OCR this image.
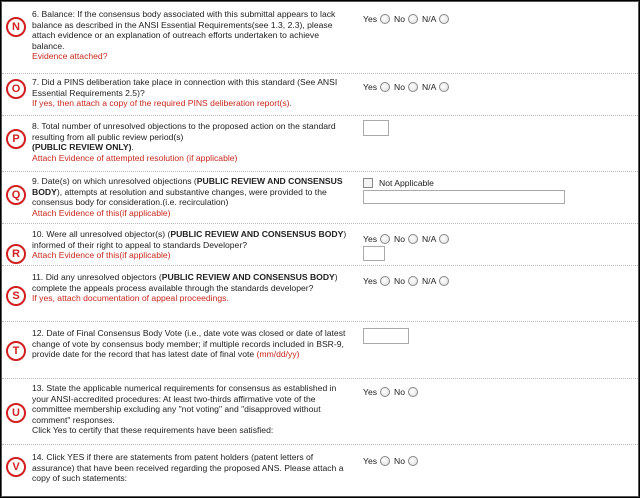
N
6. Balance: If the consensus body associated with this submittal appears to lack balance as described in the ANSI Essential Requirements(see 1.3, 2.3), please attach evidence or an explanation of outreach efforts undertaken to achieve balance.
Evidence attached?
Yes No N/A
O
7. Did a PINS deliberation take place in connection with this standard (See ANSI Essential Requirements 2.5)?
If yes, then attach a copy of the required PINS deliberation report(s).
Yes No N/A
P
8. Total number of unresolved objections to the proposed action on the standard resulting from all public review period(s)
(PUBLIC REVIEW ONLY).
Attach Evidence of attempted resolution (if applicable)
Q
9. Date(s) on which unresolved objections (PUBLIC REVIEW AND CONSENSUS BODY), attempts at resolution and substantive changes, were provided to the consensus body for consideration.(i.e. recirculation)
Attach Evidence of this(if applicable)
Not Applicable
R
10. Were all unresolved objector(s) (PUBLIC REVIEW AND CONSENSUS BODY) informed of their right to appeal to standards Developer?
Attach Evidence of this(if applicable)
Yes No N/A
S
11. Did any unresolved objectors (PUBLIC REVIEW AND CONSENSUS BODY) complete the appeals process available through the standards developer?
If yes, attach documentation of appeal proceedings.
Yes No N/A
T
12. Date of Final Consensus Body Vote (i.e., date vote was closed or date of latest change of vote by consensus body member; if multiple records included in BSR-9, provide date for the record that has latest date of final vote (mm/dd/yy)
U
13. State the applicable numerical requirements for consensus as established in your ANSI-accredited procedures: At least two-thirds affirmative vote of the committee membership excluding any "not voting" and "disapproved without comment" responses.
Click Yes to certify that these requirements have been satisfied:
Yes No
V
14. Click YES if there are statements from patent holders (patent letters of assurance) that have been received regarding the proposed ANS. Please attach a copy of such statements:
Yes No
